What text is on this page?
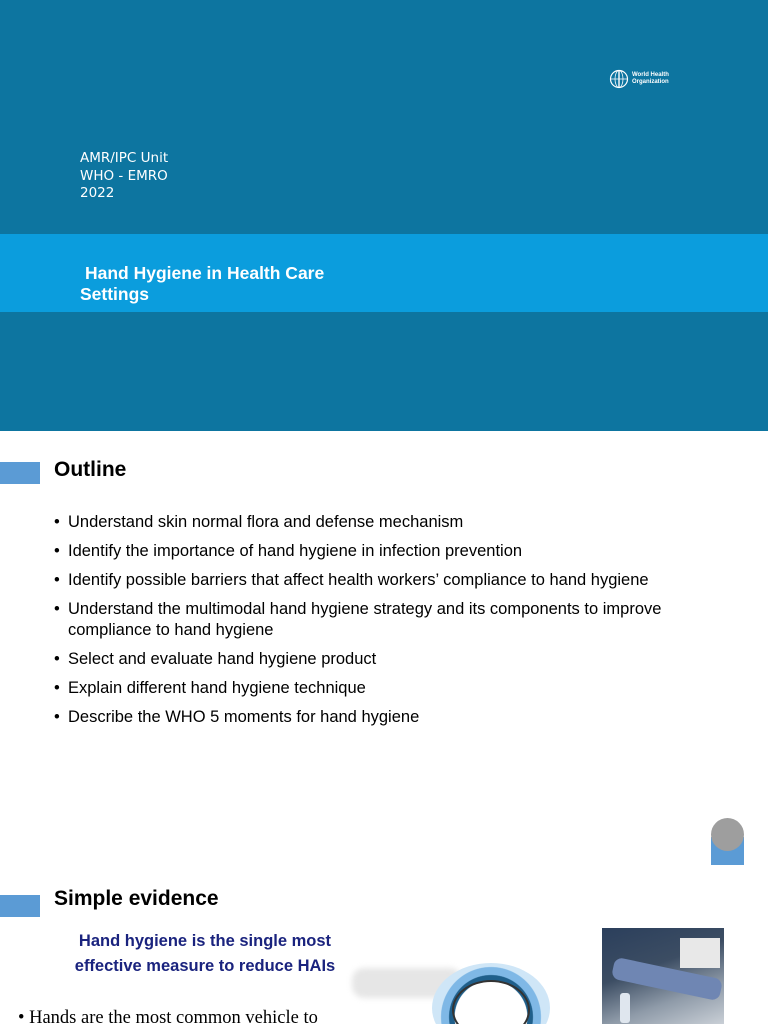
World Health Organization
AMR/IPC Unit
WHO - EMRO
2022
Hand Hygiene in Health Care
Settings
Outline
• Understand skin normal flora and defense mechanism
• Identify the importance of hand hygiene in infection prevention
• Identify possible barriers that affect health workers’ compliance to hand hygiene
• Understand the multimodal hand hygiene strategy and its components to improve compliance to hand hygiene
• Select and evaluate hand hygiene product
• Explain different hand hygiene technique
• Describe the WHO 5 moments for hand hygiene
Simple evidence
Hand hygiene is the single most
effective measure to reduce HAIs
• Hands are the most common vehicle to
